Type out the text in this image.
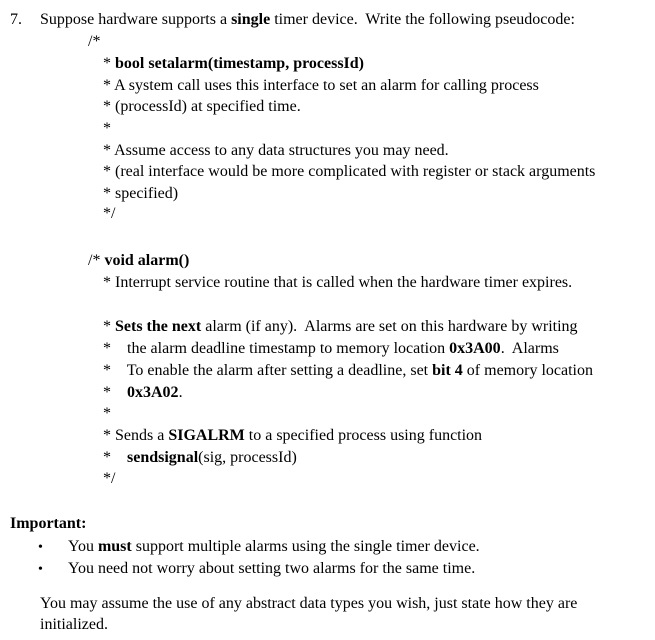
7.
Important:
Suppose hardware supports a single timer device.  Write the following pseudocode:
/*
* bool setalarm(timestamp, processId)
* A system call uses this interface to set an alarm for calling process
* (processId) at specified time.
*
* Assume access to any data structures you may need.
* (real interface would be more complicated with register or stack arguments
* specified)
*/
/* void alarm()
* Interrupt service routine that is called when the hardware timer expires.
* Sets the next alarm (if any).  Alarms are set on this hardware by writing
*    the alarm deadline timestamp to memory location 0x3A00.  Alarms
*    To enable the alarm after setting a deadline, set bit 4 of memory location
*    0x3A02.
*
* Sends a SIGALRM to a specified process using function
*    sendsignal(sig, processId)
*/
• You must support multiple alarms using the single timer device.
• You need not worry about setting two alarms for the same time.
You may assume the use of any abstract data types you wish, just state how they are
initialized.
